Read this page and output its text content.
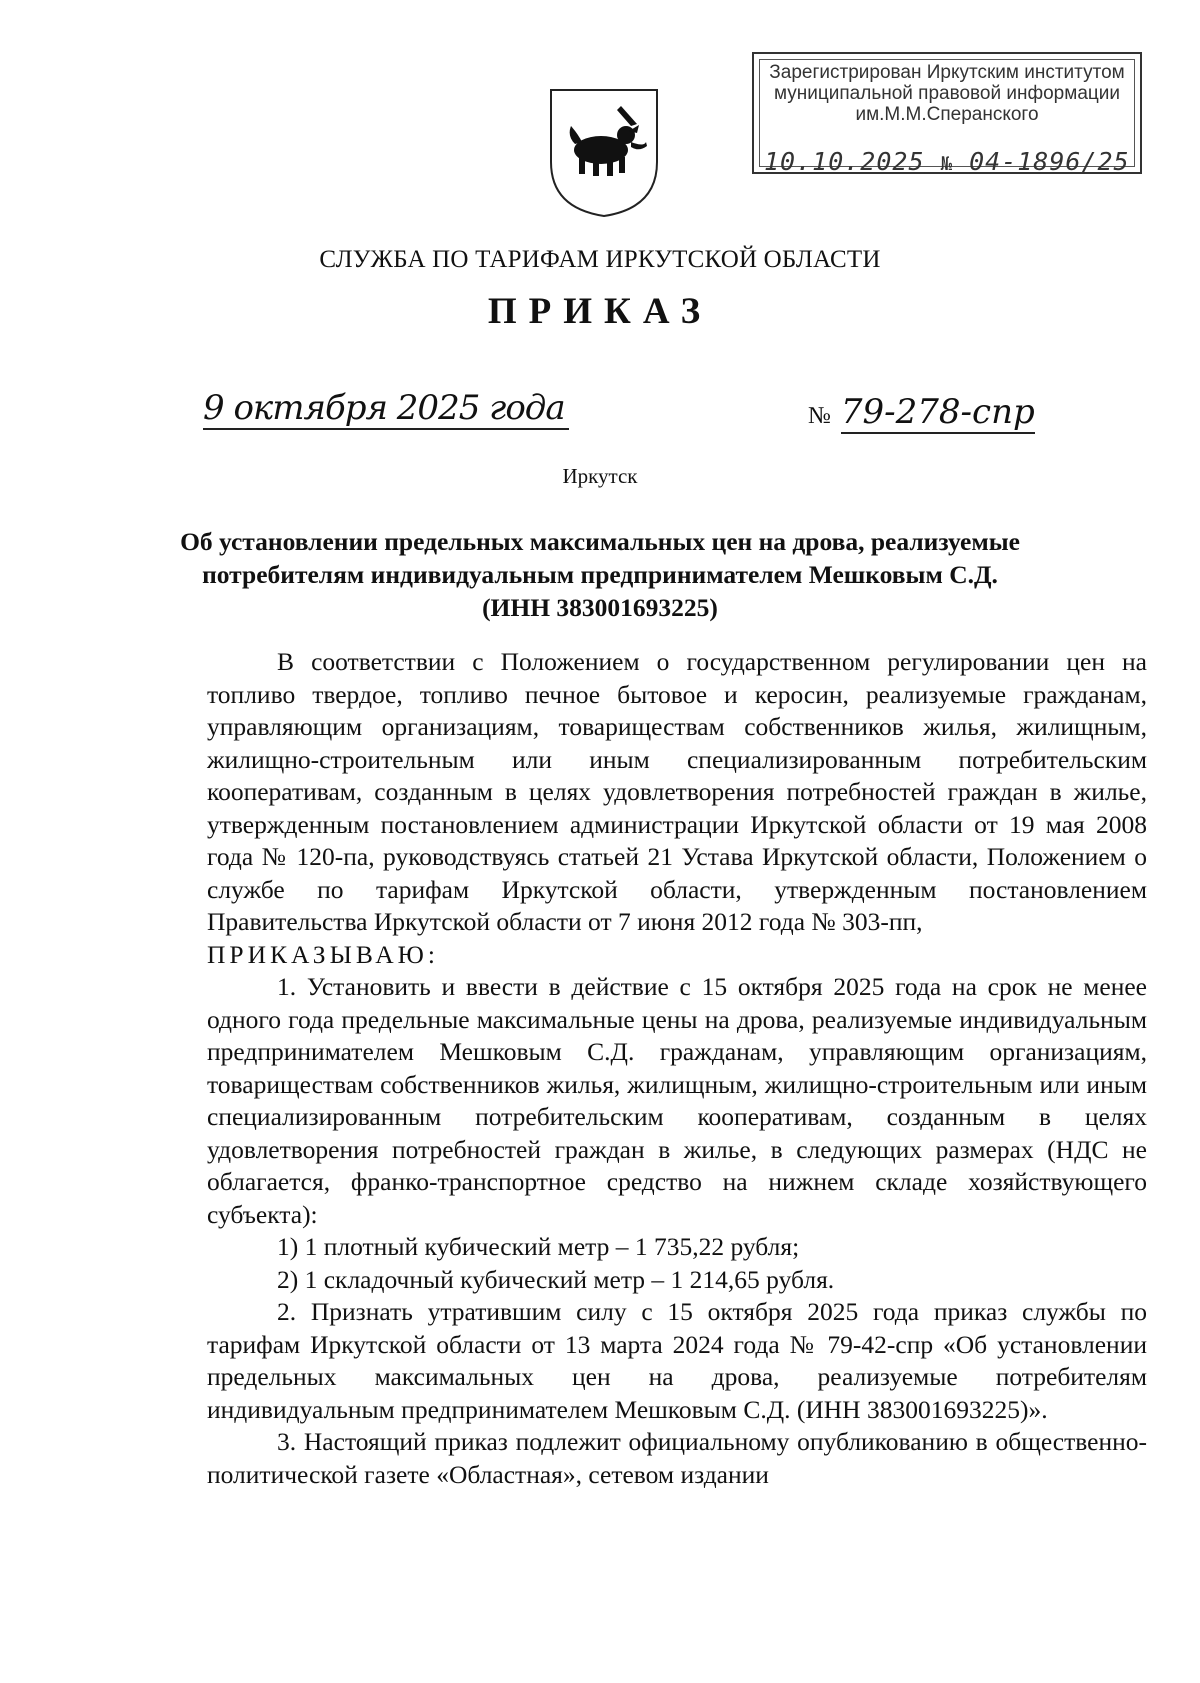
Зарегистрирован Иркутским институтом
муниципальной правовой информации
им.М.М.Сперанского
10.10.2025 № 04-1896/25
СЛУЖБА ПО ТАРИФАМ ИРКУТСКОЙ ОБЛАСТИ
ПРИКАЗ
9 октября 2025 года	№ 79-278-спр
Иркутск
Об установлении предельных максимальных цен на дрова, реализуемые
потребителям индивидуальным предпринимателем Мешковым С.Д.
(ИНН 383001693225)

В соответствии с Положением о государственном регулировании цен на топливо твердое, топливо печное бытовое и керосин, реализуемые гражданам, управляющим организациям, товариществам собственников жилья, жилищным, жилищно-строительным или иным специализированным потребительским кооперативам, созданным в целях удовлетворения потребностей граждан в жилье, утвержденным постановлением администрации Иркутской области от 19 мая 2008 года № 120-па, руководствуясь статьей 21 Устава Иркутской области, Положением о службе по тарифам Иркутской области, утвержденным постановлением Правительства Иркутской области от 7 июня 2012 года № 303-пп,

ПРИКАЗЫВАЮ:

1. Установить и ввести в действие с 15 октября 2025 года на срок не менее одного года предельные максимальные цены на дрова, реализуемые индивидуальным предпринимателем Мешковым С.Д. гражданам, управляющим организациям, товариществам собственников жилья, жилищным, жилищно-строительным или иным специализированным потребительским кооперативам, созданным в целях удовлетворения потребностей граждан в жилье, в следующих размерах (НДС не облагается, франко-транспортное средство на нижнем складе хозяйствующего субъекта):

1) 1 плотный кубический метр – 1 735,22 рубля;

2) 1 складочный кубический метр – 1 214,65 рубля.

2. Признать утратившим силу с 15 октября 2025 года приказ службы по тарифам Иркутской области от 13 марта 2024 года № 79-42-спр «Об установлении предельных максимальных цен на дрова, реализуемые потребителям индивидуальным предпринимателем Мешковым С.Д. (ИНН 383001693225)».

3. Настоящий приказ подлежит официальному опубликованию в общественно-политической газете «Областная», сетевом издании
